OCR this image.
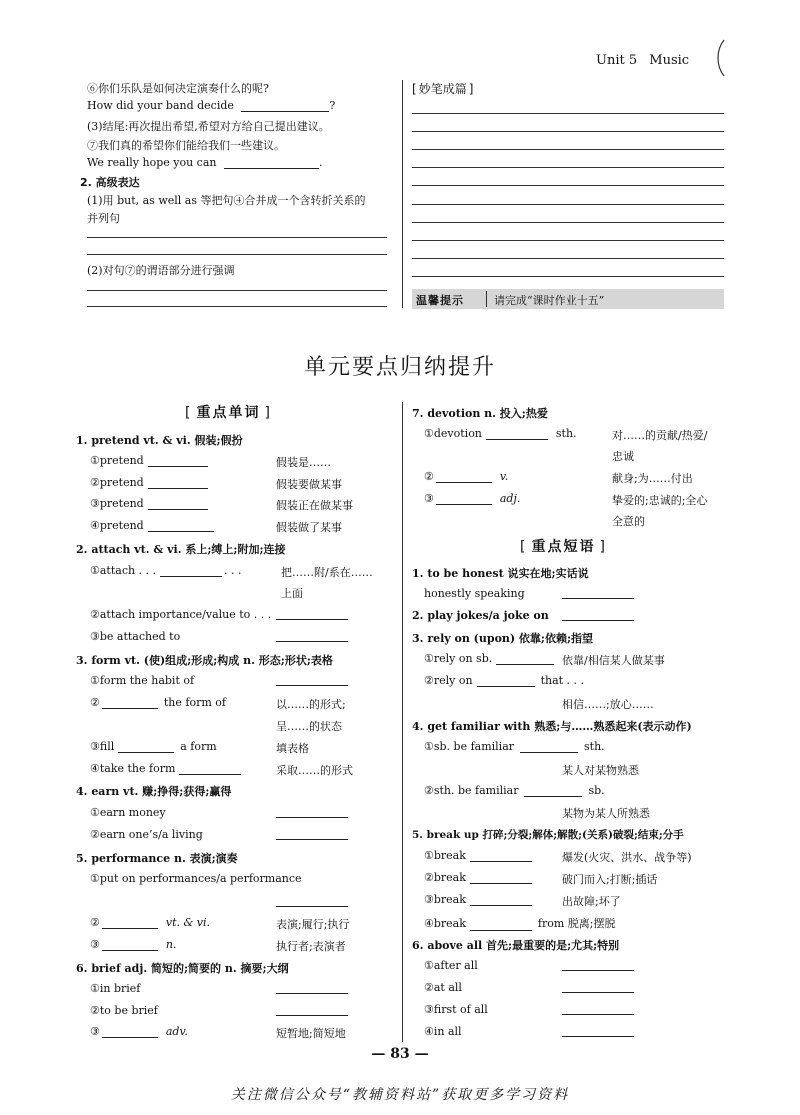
Unit 5 Music
⑥你们乐队是如何决定演奏什么的呢?
How did your band decide	?
(3)结尾:再次提出希望,希望对方给自己提出建议。
⑦我们真的希望你们能给我们一些建议。
We really hope you can	.
2. 高级表达
(1)用 but, as well as 等把句④合并成一个含转折关系的
并列句
(2)对句⑦的谓语部分进行强调
[ 妙笔成篇 ]
温馨提示	请完成“课时作业十五”
单元要点归纳提升
[ 重点单词 ]
[ 重点短语 ]
1. pretend vt. & vi. 假装;假扮
①pretend	假装是……
②pretend	假装要做某事
③pretend	假装正在做某事
④pretend	假装做了某事
2. attach vt. & vi. 系上;缚上;附加;连接
①attach . . .	. . .	把……附/系在……
上面
②attach importance/value to . . .
③be attached to
3. form vt. (使)组成;形成;构成 n. 形态;形状;表格
①form the habit of
②	the form of	以……的形式;
呈……的状态
③fill	a form	填表格
④take the form	采取……的形式
4. earn vt. 赚;挣得;获得;赢得
①earn money
②earn one’s/a living
5. performance n. 表演;演奏
①put on performances/a performance
②	vt. & vi.	表演;履行;执行
③	n.	执行者;表演者
6. brief adj. 简短的;简要的 n. 摘要;大纲
①in brief
②to be brief
③	adv.	短暂地;简短地
7. devotion n. 投入;热爱
①devotion	sth.	对……的贡献/热爱/
忠诚
②	v.	献身;为……付出
③	adj.	挚爱的;忠诚的;全心
全意的
1. to be honest 说实在地;实话说
honestly speaking
2. play jokes/a joke on
3. rely on (upon) 依靠;依赖;指望
①rely on sb.	依靠/相信某人做某事
②rely on	that . . .
相信……;放心……
4. get familiar with 熟悉;与……熟悉起来(表示动作)
①sb. be familiar	sth.
某人对某物熟悉
②sth. be familiar	sb.
某物为某人所熟悉
5. break up 打碎;分裂;解体;解散;(关系)破裂;结束;分手
①break	爆发(火灾、洪水、战争等)
②break	破门而入;打断;插话
③break	出故障;坏了
④break	from 脱离;摆脱
6. above all 首先;最重要的是;尤其;特别
①after all
②at all
③first of all
④in all
— 83 —
关注微信公众号“教辅资料站”获取更多学习资料
